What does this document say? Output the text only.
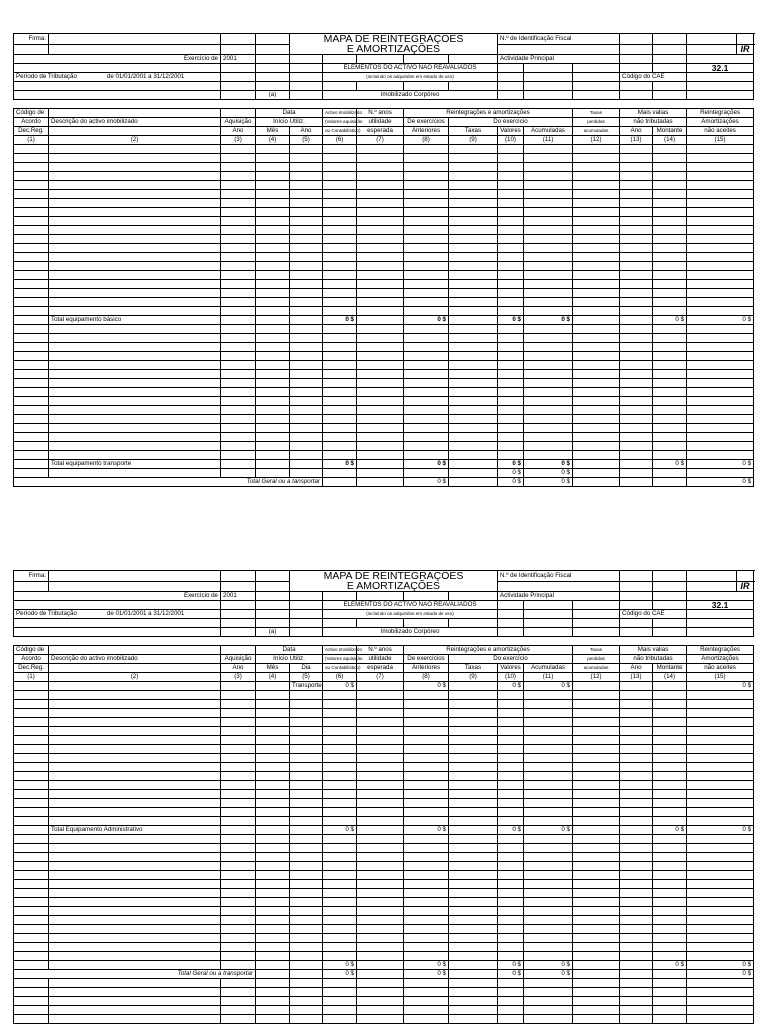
Firma:				MAPA DE REINTEGRAÇÕES
E AMORTIZAÇÕES					N.º de Identificação Fiscal						
															IR
Exercício de		2001							Actividade Principal						
					ELEMENTOS DO ACTIVO NÃO REAVALIADOS									32.1	
Período de Tributação de 01/01/2001 a 31/12/2001					(incluindo os adquiridos em estado de uso)							Código do CAE			

			(a)		Imobilizado Corpóreo										

Código de			Data		Activo Imobilizado	N.º anos	Reintegrações e amortizações				Taxas	Mais valias		Reintegrações	
Acordo	Descrição do activo imobilizado	Aquisição	Início Utiliz.		(Valores aquisição	utilidade	De exercícios	Do exercício			perdidas	não tributadas		Amortizações	
Dec.Reg.		Ano	Mês	Ano	ou Contabilístico)	esperada	Anteriores	Taxas	Valores	Acumuladas	acumuladas	Ano	Montante	não aceites	
(1)	(2)	(3)	(4)	(5)	(6)	(7)	(8)	(9)	(10)	(11)	(12)	(13)	(14)	(15)	

	Total equipamento básico				0 $		0 $		0 $	0 $			0 $	0 $	

	Total equipamento transporte				0 $		0 $		0 $	0 $			0 $	0 $	
									0 $	0 $					
Total Geral ou a tansportar							0 $		0 $	0 $				0 $	
Firma:				MAPA DE REINTEGRAÇÕES
E AMORTIZAÇÕES					N.º de Identificação Fiscal						
															IR
Exercício de		2001							Actividade Principal						
					ELEMENTOS DO ACTIVO NÃO REAVALIADOS									32.1	
Período de Tributação de 01/01/2001 a 31/12/2001					(incluindo os adquiridos em estado de uso)							Código do CAE			

			(a)		Imobilizado Corpóreo										

Código de			Data		Activo Imobilizado	N.º anos	Reintegrações e amortizações				Taxas	Mais valias		Reintegrações	
Acordo	Descrição do activo imobilizado	Aquisição	Início Utiliz.		(Valores aquisição	utilidade	De exercícios	Do exercício			perdidas	não tributadas		Amortizações	
Dec.Reg.		Ano	Mês	Dia	ou Contabilístico)	esperada	Anteriores	Taxas	Valores	Acumuladas	acumuladas	Ano	Montante	não aceites	
(1)	(2)	(3)	(4)	(5)	(6)	(7)	(8)	(9)	(10)	(11)	(12)	(13)	(14)	(15)	
				Transporte	0 $		0 $		0 $	0 $				0 $	

	Total Equipamento Administrativo				0 $		0 $		0 $	0 $			0 $	0 $	

					0 $		0 $		0 $	0 $			0 $	0 $	
Total Geral ou a transportar					0 $		0 $		0 $	0 $				0 $	
